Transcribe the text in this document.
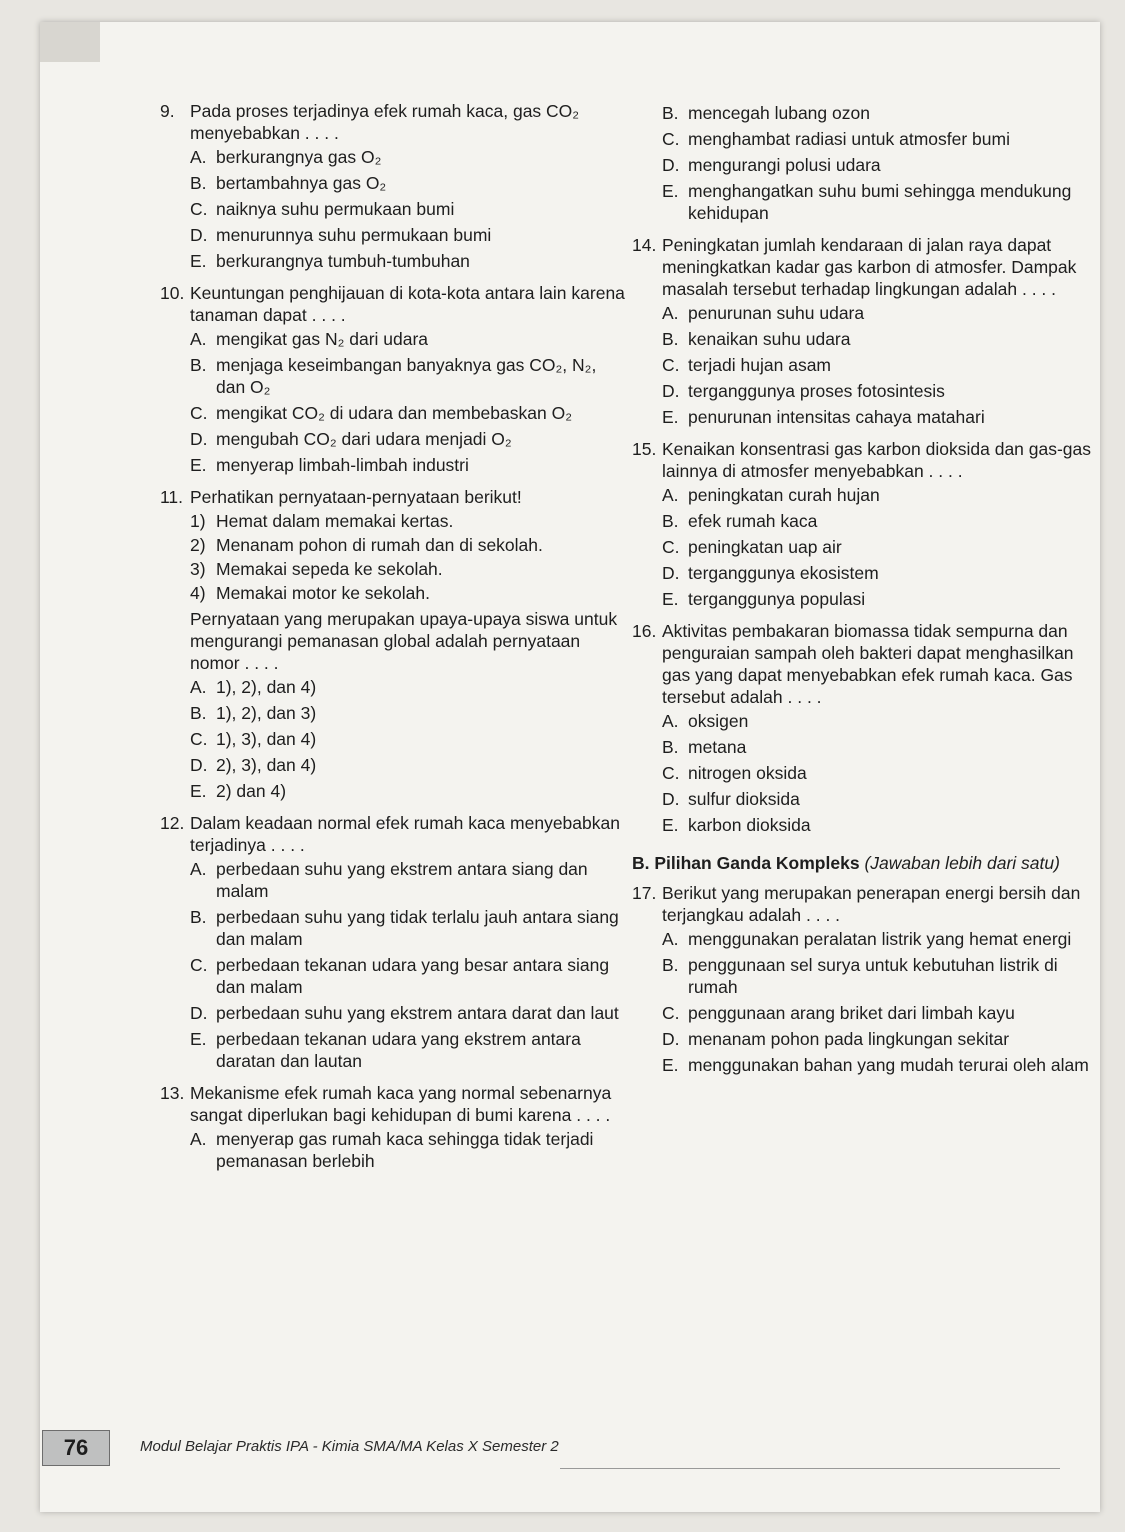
9. Pada proses terjadinya efek rumah kaca, gas CO₂ menyebabkan . . . .
A. berkurangnya gas O₂
B. bertambahnya gas O₂
C. naiknya suhu permukaan bumi
D. menurunnya suhu permukaan bumi
E. berkurangnya tumbuh-tumbuhan
10. Keuntungan penghijauan di kota-kota antara lain karena tanaman dapat . . . .
A. mengikat gas N₂ dari udara
B. menjaga keseimbangan banyaknya gas CO₂, N₂, dan O₂
C. mengikat CO₂ di udara dan membebaskan O₂
D. mengubah CO₂ dari udara menjadi O₂
E. menyerap limbah-limbah industri
11. Perhatikan pernyataan-pernyataan berikut!
1) Hemat dalam memakai kertas.
2) Menanam pohon di rumah dan di sekolah.
3) Memakai sepeda ke sekolah.
4) Memakai motor ke sekolah.
Pernyataan yang merupakan upaya-upaya siswa untuk mengurangi pemanasan global adalah pernyataan nomor . . . .
A. 1), 2), dan 4)
B. 1), 2), dan 3)
C. 1), 3), dan 4)
D. 2), 3), dan 4)
E. 2) dan 4)
12. Dalam keadaan normal efek rumah kaca menyebabkan terjadinya . . . .
A. perbedaan suhu yang ekstrem antara siang dan malam
B. perbedaan suhu yang tidak terlalu jauh antara siang dan malam
C. perbedaan tekanan udara yang besar antara siang dan malam
D. perbedaan suhu yang ekstrem antara darat dan laut
E. perbedaan tekanan udara yang ekstrem antara daratan dan lautan
13. Mekanisme efek rumah kaca yang normal sebenarnya sangat diperlukan bagi kehidupan di bumi karena . . . .
A. menyerap gas rumah kaca sehingga tidak terjadi pemanasan berlebih
B. mencegah lubang ozon
C. menghambat radiasi untuk atmosfer bumi
D. mengurangi polusi udara
E. menghangatkan suhu bumi sehingga mendukung kehidupan
14. Peningkatan jumlah kendaraan di jalan raya dapat meningkatkan kadar gas karbon di atmosfer. Dampak masalah tersebut terhadap lingkungan adalah . . . .
A. penurunan suhu udara
B. kenaikan suhu udara
C. terjadi hujan asam
D. terganggunya proses fotosintesis
E. penurunan intensitas cahaya matahari
15. Kenaikan konsentrasi gas karbon dioksida dan gas-gas lainnya di atmosfer menyebabkan . . . .
A. peningkatan curah hujan
B. efek rumah kaca
C. peningkatan uap air
D. terganggunya ekosistem
E. terganggunya populasi
16. Aktivitas pembakaran biomassa tidak sempurna dan penguraian sampah oleh bakteri dapat menghasilkan gas yang dapat menyebabkan efek rumah kaca. Gas tersebut adalah . . . .
A. oksigen
B. metana
C. nitrogen oksida
D. sulfur dioksida
E. karbon dioksida
B. Pilihan Ganda Kompleks (Jawaban lebih dari satu)
17. Berikut yang merupakan penerapan energi bersih dan terjangkau adalah . . . .
A. menggunakan peralatan listrik yang hemat energi
B. penggunaan sel surya untuk kebutuhan listrik di rumah
C. penggunaan arang briket dari limbah kayu
D. menanam pohon pada lingkungan sekitar
E. menggunakan bahan yang mudah terurai oleh alam
76	Modul Belajar Praktis IPA - Kimia SMA/MA Kelas X Semester 2
